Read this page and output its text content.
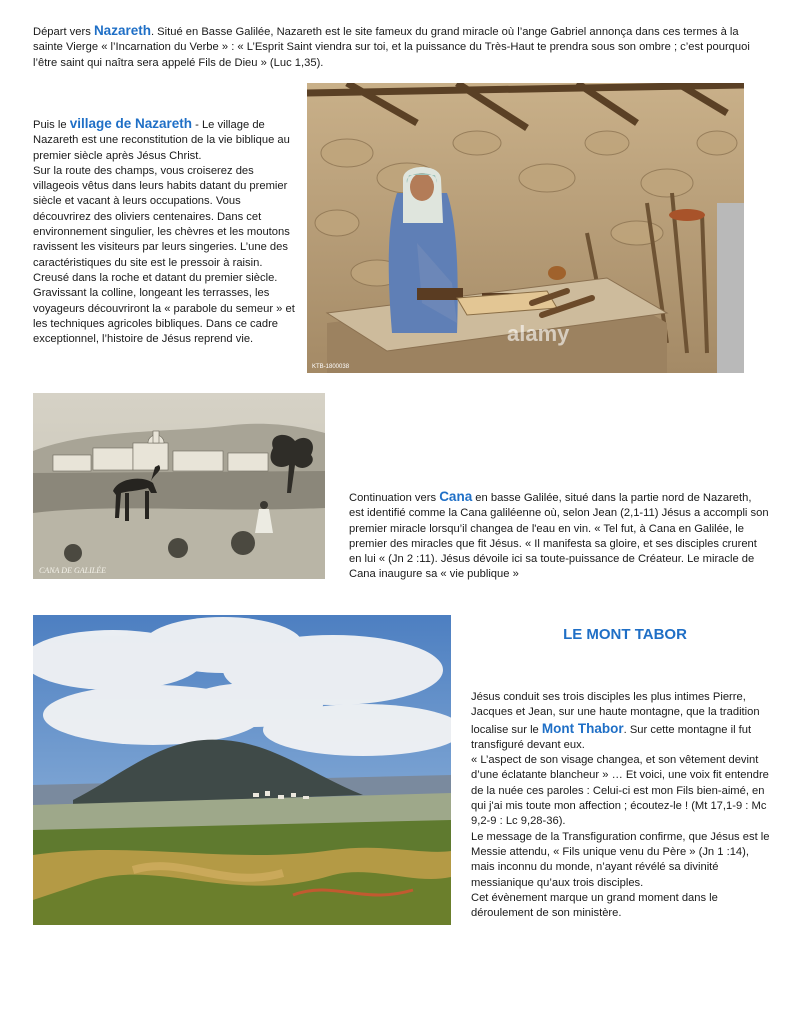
Départ vers Nazareth. Situé en Basse Galilée, Nazareth est le site fameux du grand miracle où l’ange Gabriel annonça dans ces termes à la sainte Vierge « l’Incarnation du Verbe » : « L’Esprit Saint viendra sur toi, et la puissance du Très-Haut te prendra sous son ombre ; c’est pourquoi l’être saint qui naîtra sera appelé Fils de Dieu » (Luc 1,35).

Puis le village de Nazareth - Le village de Nazareth est une reconstitution de la vie biblique au premier siècle après Jésus Christ.

Sur la route des champs, vous croiserez des villageois vêtus dans leurs habits datant du premier siècle et vacant à leurs occupations. Vous découvrirez des oliviers centenaires. Dans cet environnement singulier, les chèvres et les moutons ravissent les visiteurs par leurs singeries. L’une des caractéristiques du site est le pressoir à raisin. Creusé dans la roche et datant du premier siècle. Gravissant la colline, longeant les terrasses, les voyageurs découvriront la « parabole du semeur » et les techniques agricoles bibliques. Dans ce cadre exceptionnel, l’histoire de Jésus reprend vie.	alamy
KTB-1800038
CANA DE GALILÉE

Continuation vers Cana en basse Galilée, situé dans la partie nord de Nazareth, est identifié comme la Cana galiléenne où, selon Jean (2,1-11) Jésus a accompli son premier miracle lorsqu’il changea de l'eau en vin. « Tel fut, à Cana en Galilée, le premier des miracles que fit Jésus. « Il manifesta sa gloire, et ses disciples crurent en lui « (Jn 2 :11). Jésus dévoile ici sa toute-puissance de Créateur. Le miracle de Cana inaugure sa « vie publique »

LE MONT TABOR

Jésus conduit ses trois disciples les plus intimes Pierre, Jacques et Jean, sur une haute montagne, que la tradition localise sur le Mont Thabor. Sur cette montagne il fut transfiguré devant eux.

« L’aspect de son visage changea, et son vêtement devint d’une éclatante blancheur » … Et voici, une voix fit entendre de la nuée ces paroles : Celui-ci est mon Fils bien-aimé, en qui j'ai mis toute mon affection ; écoutez-le ! (Mt 17,1-9 : Mc 9,2-9 : Lc 9,28-36).

Le message de la Transfiguration confirme, que Jésus est le Messie attendu, « Fils unique venu du Père » (Jn 1 :14), mais inconnu du monde, n’ayant révélé sa divinité messianique qu’aux trois disciples.

Cet évènement marque un grand moment dans le déroulement de son ministère.
